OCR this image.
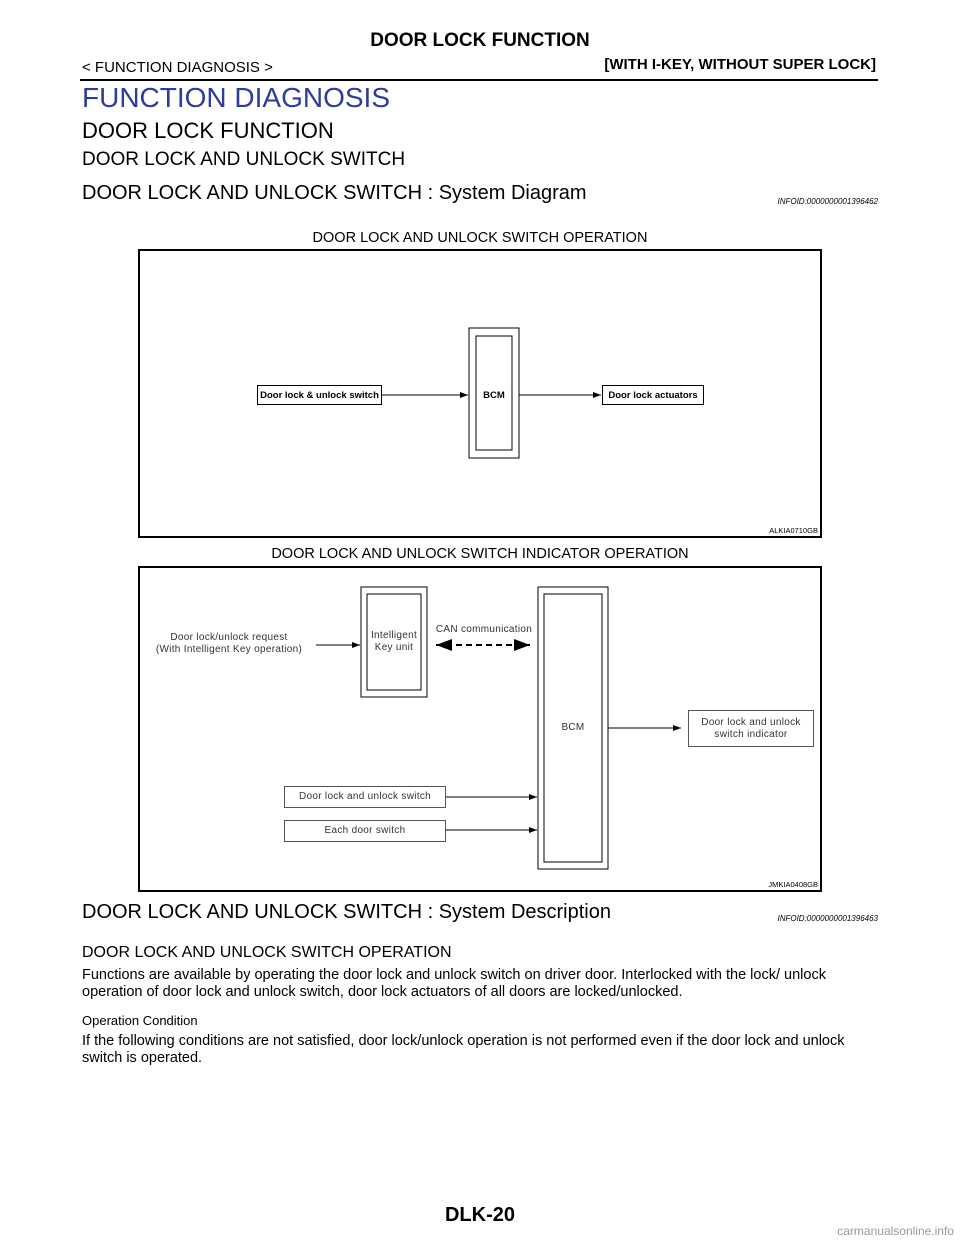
DOOR LOCK FUNCTION
< FUNCTION DIAGNOSIS >	[WITH I-KEY, WITHOUT SUPER LOCK]
FUNCTION DIAGNOSIS
DOOR LOCK FUNCTION
DOOR LOCK AND UNLOCK SWITCH
DOOR LOCK AND UNLOCK SWITCH : System Diagram	INFOID:0000000001396462
DOOR LOCK AND UNLOCK SWITCH OPERATION
Door lock & unlock switch	BCM	Door lock actuators
ALKIA0710GB
DOOR LOCK AND UNLOCK SWITCH INDICATOR OPERATION
Door lock/unlock request
(With Intelligent Key operation)
Intelligent
Key unit
CAN communication
BCM	Door lock and unlock
switch indicator
Door lock and unlock switch
Each door switch
JMKIA0408GB
DOOR LOCK AND UNLOCK SWITCH : System Description	INFOID:0000000001396463
DOOR LOCK AND UNLOCK SWITCH OPERATION
Functions are available by operating the door lock and unlock switch on driver door. Interlocked with the lock/ unlock operation of door lock and unlock switch, door lock actuators of all doors are locked/unlocked.
Operation Condition
If the following conditions are not satisfied, door lock/unlock operation is not performed even if the door lock and unlock switch is operated.
DLK-20
carmanualsonline.info
